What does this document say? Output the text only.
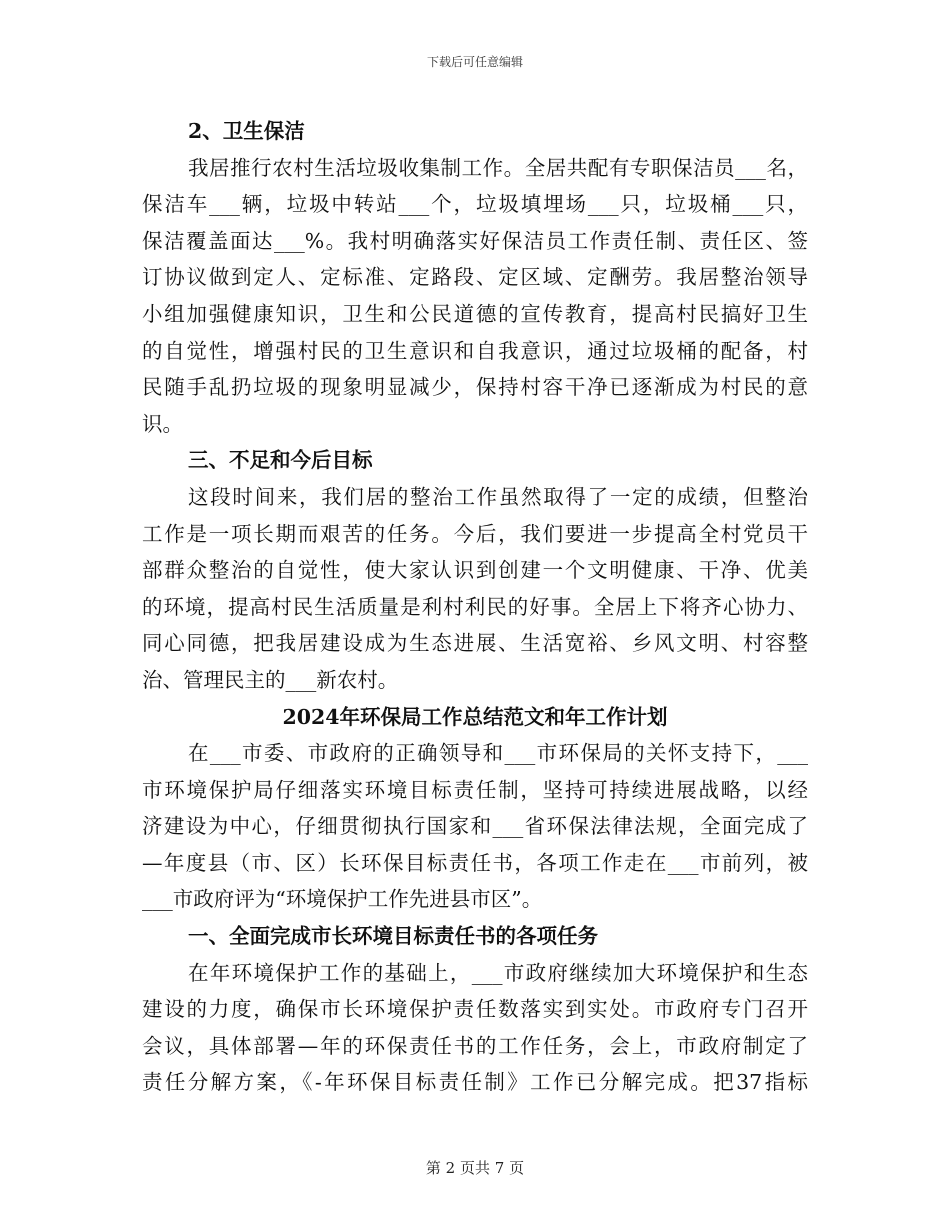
下载后可任意编辑
2、卫生保洁
我居推行农村生活垃圾收集制工作。全居共配有专职保洁员___名，
保洁车___辆，垃圾中转站___个，垃圾填埋场___只，垃圾桶___只，
保洁覆盖面达___%。我村明确落实好保洁员工作责任制、责任区、签
订协议做到定人、定标准、定路段、定区域、定酬劳。我居整治领导
小组加强健康知识，卫生和公民道德的宣传教育，提高村民搞好卫生
的自觉性，增强村民的卫生意识和自我意识，通过垃圾桶的配备，村
民随手乱扔垃圾的现象明显减少，保持村容干净已逐渐成为村民的意
识。
三、不足和今后目标
这段时间来，我们居的整治工作虽然取得了一定的成绩，但整治
工作是一项长期而艰苦的任务。今后，我们要进一步提高全村党员干
部群众整治的自觉性，使大家认识到创建一个文明健康、干净、优美
的环境，提高村民生活质量是利村利民的好事。全居上下将齐心协力、
同心同德，把我居建设成为生态进展、生活宽裕、乡风文明、村容整
治、管理民主的___新农村。
2024年环保局工作总结范文和年工作计划
在___市委、市政府的正确领导和___市环保局的关怀支持下，___
市环境保护局仔细落实环境目标责任制，坚持可持续进展战略，以经
济建设为中心，仔细贯彻执行国家和___省环保法律法规，全面完成了
—年度县（市、区）长环保目标责任书，各项工作走在___市前列，被
___市政府评为“环境保护工作先进县市区”。
一、全面完成市长环境目标责任书的各项任务
在年环境保护工作的基础上，___市政府继续加大环境保护和生态
建设的力度，确保市长环境保护责任数落实到实处。市政府专门召开
会议，具体部署—年的环保责任书的工作任务，会上，市政府制定了
责任分解方案，《-年环保目标责任制》工作已分解完成。把37指标
第 2 页共 7 页
